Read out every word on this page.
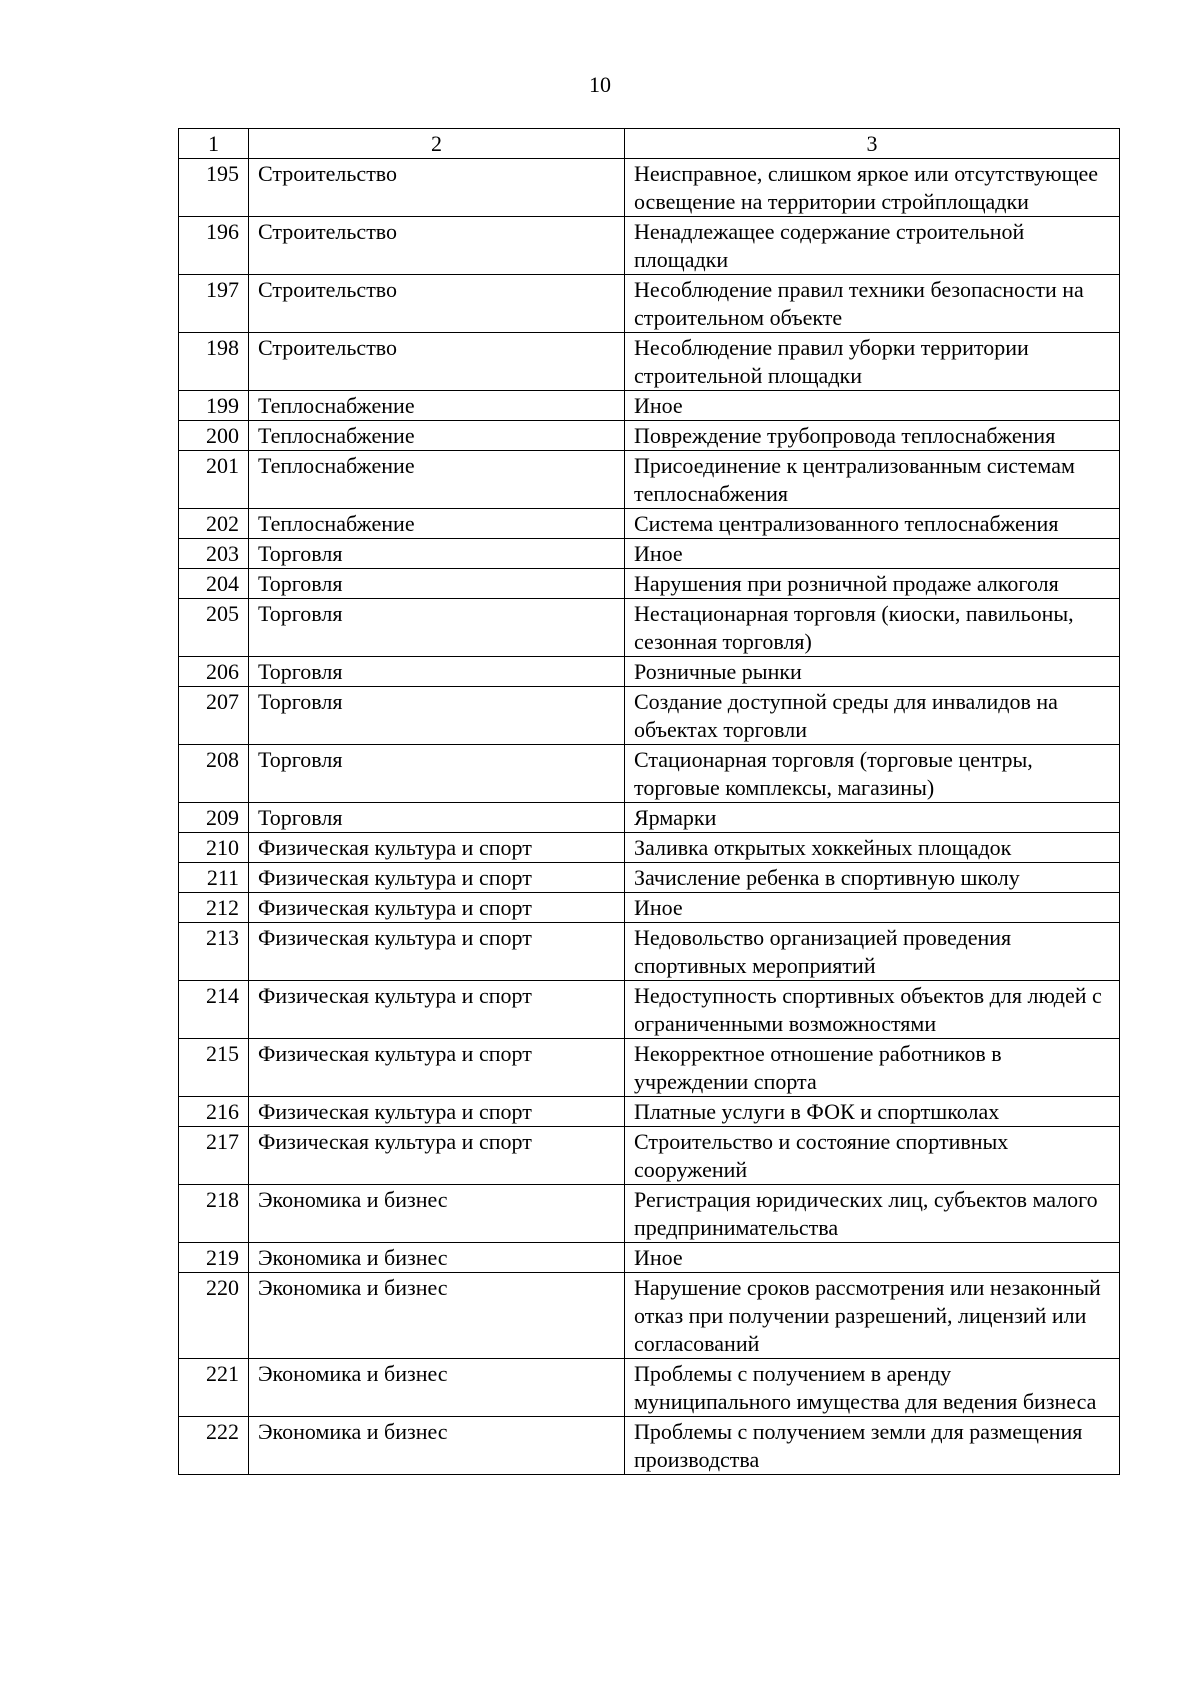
10
1	2	3
195	Строительство	Неисправное, слишком яркое или отсутствующее освещение на территории стройплощадки
196	Строительство	Ненадлежащее содержание строительной площадки
197	Строительство	Несоблюдение правил техники безопасности на строительном объекте
198	Строительство	Несоблюдение правил уборки территории строительной площадки
199	Теплоснабжение	Иное
200	Теплоснабжение	Повреждение трубопровода теплоснабжения
201	Теплоснабжение	Присоединение к централизованным системам теплоснабжения
202	Теплоснабжение	Система централизованного теплоснабжения
203	Торговля	Иное
204	Торговля	Нарушения при розничной продаже алкоголя
205	Торговля	Нестационарная торговля (киоски, павильоны, сезонная торговля)
206	Торговля	Розничные рынки
207	Торговля	Создание доступной среды для инвалидов на объектах торговли
208	Торговля	Стационарная торговля (торговые центры, торговые комплексы, магазины)
209	Торговля	Ярмарки
210	Физическая культура и спорт	Заливка открытых хоккейных площадок
211	Физическая культура и спорт	Зачисление ребенка в спортивную школу
212	Физическая культура и спорт	Иное
213	Физическая культура и спорт	Недовольство организацией проведения спортивных мероприятий
214	Физическая культура и спорт	Недоступность спортивных объектов для людей с ограниченными возможностями
215	Физическая культура и спорт	Некорректное отношение работников в учреждении спорта
216	Физическая культура и спорт	Платные услуги в ФОК и спортшколах
217	Физическая культура и спорт	Строительство и состояние спортивных сооружений
218	Экономика и бизнес	Регистрация юридических лиц, субъектов малого предпринимательства
219	Экономика и бизнес	Иное
220	Экономика и бизнес	Нарушение сроков рассмотрения или незаконный отказ при получении разрешений, лицензий или согласований
221	Экономика и бизнес	Проблемы с получением в аренду муниципального имущества для ведения бизнеса
222	Экономика и бизнес	Проблемы с получением земли для размещения производства
